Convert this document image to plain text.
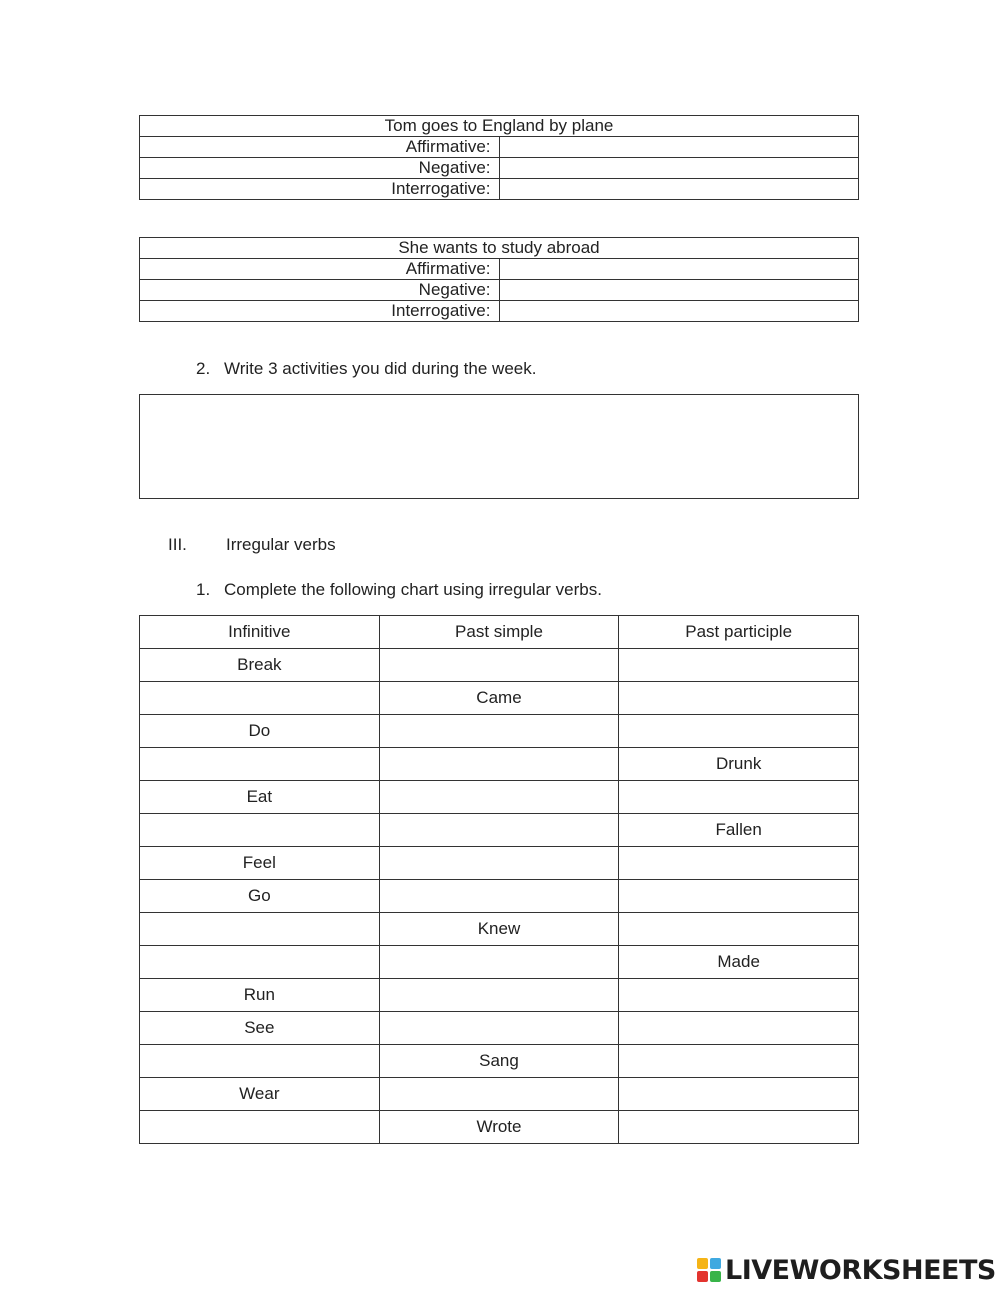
Tom goes to England by plane	
Affirmative:	
Negative:	
Interrogative:	
She wants to study abroad	
Affirmative:	
Negative:	
Interrogative:	
2. Write 3 activities you did during the week.
III. Irregular verbs
1. Complete the following chart using irregular verbs.
Infinitive	Past simple	Past participle
Break		
	Came	
Do		
		Drunk
Eat		
		Fallen
Feel		
Go		
	Knew	
		Made
Run		
See		
	Sang	
Wear		
	Wrote	
LIVEWORKSHEETS
